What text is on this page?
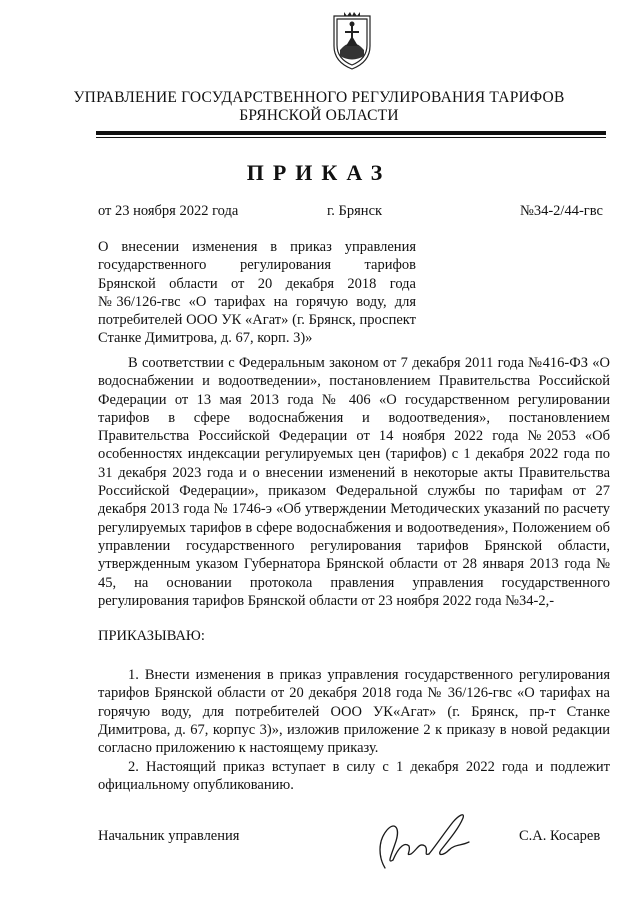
УПРАВЛЕНИЕ ГОСУДАРСТВЕННОГО РЕГУЛИРОВАНИЯ ТАРИФОВ
БРЯНСКОЙ ОБЛАСТИ
ПРИКАЗ
от 23 ноября 2022 года	г. Брянск	№34-2/44-гвс
О внесении изменения в приказ управления государственного регулирования тарифов Брянской области от 20 декабря 2018 года №36/126-гвс «О тарифах на горячую воду, для потребителей ООО УК «Агат» (г. Брянск, проспект Станке Димитрова, д. 67, корп. 3)»
В соответствии с Федеральным законом от 7 декабря 2011 года №416-ФЗ «О водоснабжении и водоотведении», постановлением Правительства Российской Федерации от 13 мая 2013 года № 406 «О государственном регулировании тарифов в сфере водоснабжения и водоотведения», постановлением Правительства Российской Федерации от 14 ноября 2022 года №2053 «Об особенностях индексации регулируемых цен (тарифов) с 1 декабря 2022 года по 31 декабря 2023 года и о внесении изменений в некоторые акты Правительства Российской Федерации», приказом Федеральной службы по тарифам от 27 декабря 2013 года № 1746-э «Об утверждении Методических указаний по расчету регулируемых тарифов в сфере водоснабжения и водоотведения», Положением об управлении государственного регулирования тарифов Брянской области, утвержденным указом Губернатора Брянской области от 28 января 2013 года № 45, на основании протокола правления управления государственного регулирования тарифов Брянской области от 23 ноября 2022 года №34-2,-
ПРИКАЗЫВАЮ:
1. Внести изменения в приказ управления государственного регулирования тарифов Брянской области от 20 декабря 2018 года № 36/126-гвс «О тарифах на горячую воду, для потребителей ООО УК«Агат» (г. Брянск, пр-т Станке Димитрова, д. 67, корпус 3)», изложив приложение 2 к приказу в новой редакции согласно приложению к настоящему приказу.
2. Настоящий приказ вступает в силу с 1 декабря 2022 года и подлежит официальному опубликованию.
Начальник управления	С.А. Косарев
